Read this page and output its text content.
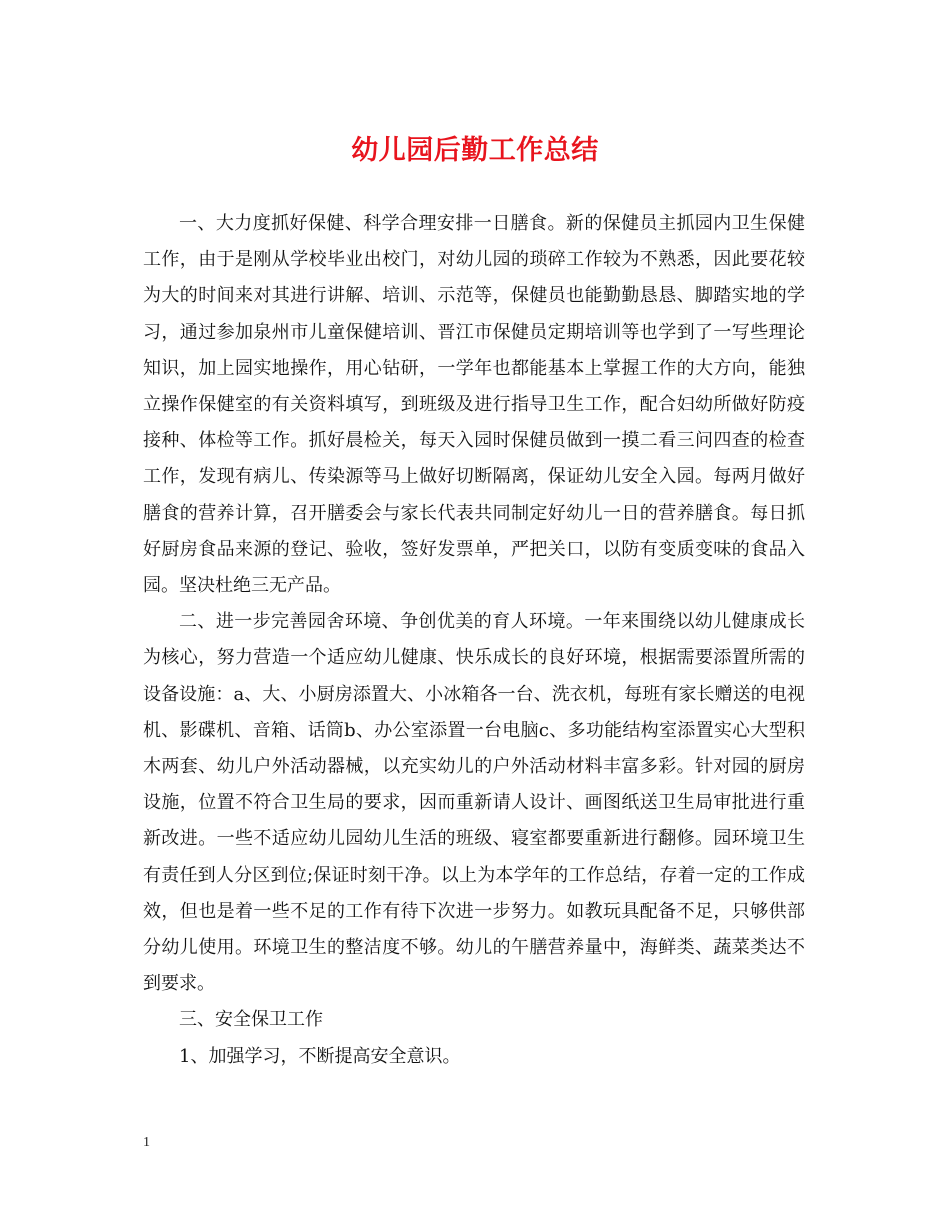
幼儿园后勤工作总结

一、大力度抓好保健、科学合理安排一日膳食。新的保健员主抓园内卫生保健工作，由于是刚从学校毕业出校门，对幼儿园的琐碎工作较为不熟悉，因此要花较为大的时间来对其进行讲解、培训、示范等，保健员也能勤勤恳恳、脚踏实地的学习，通过参加泉州市儿童保健培训、晋江市保健员定期培训等也学到了一写些理论知识，加上园实地操作，用心钻研，一学年也都能基本上掌握工作的大方向，能独立操作保健室的有关资料填写，到班级及进行指导卫生工作，配合妇幼所做好防疫接种、体检等工作。抓好晨检关，每天入园时保健员做到一摸二看三问四查的检查工作，发现有病儿、传染源等马上做好切断隔离，保证幼儿安全入园。每两月做好膳食的营养计算，召开膳委会与家长代表共同制定好幼儿一日的营养膳食。每日抓好厨房食品来源的登记、验收，签好发票单，严把关口，以防有变质变味的食品入园。坚决杜绝三无产品。

二、进一步完善园舍环境、争创优美的育人环境。一年来围绕以幼儿健康成长为核心，努力营造一个适应幼儿健康、快乐成长的良好环境，根据需要添置所需的设备设施：a、大、小厨房添置大、小冰箱各一台、洗衣机，每班有家长赠送的电视机、影碟机、音箱、话筒b、办公室添置一台电脑c、多功能结构室添置实心大型积木两套、幼儿户外活动器械，以充实幼儿的户外活动材料丰富多彩。针对园的厨房设施，位置不符合卫生局的要求，因而重新请人设计、画图纸送卫生局审批进行重新改进。一些不适应幼儿园幼儿生活的班级、寝室都要重新进行翻修。园环境卫生有责任到人分区到位;保证时刻干净。以上为本学年的工作总结，存着一定的工作成效，但也是着一些不足的工作有待下次进一步努力。如教玩具配备不足，只够供部分幼儿使用。环境卫生的整洁度不够。幼儿的午膳营养量中，海鲜类、蔬菜类达不到要求。

三、安全保卫工作

1、加强学习，不断提高安全意识。

1
